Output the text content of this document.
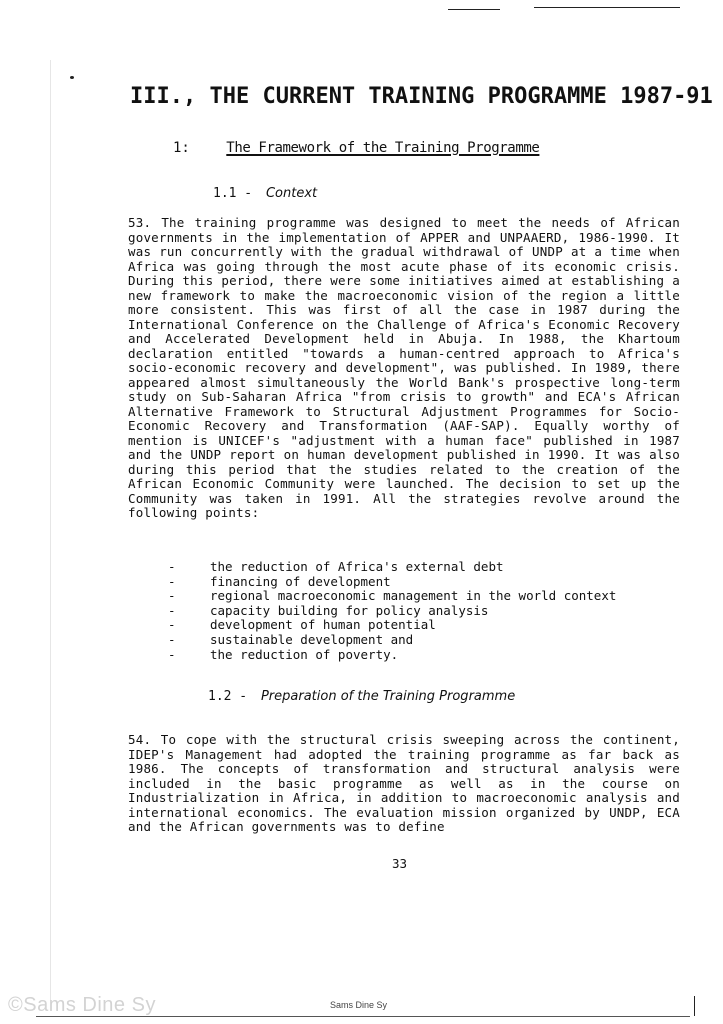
III., THE CURRENT TRAINING PROGRAMME 1987-91
1:	The Framework of the Training Programme
1.1 - Context

53. The training programme was designed to meet the needs of African governments in the implementation of APPER and UNPAAERD, 1986-1990. It was run concurrently with the gradual withdrawal of UNDP at a time when Africa was going through the most acute phase of its economic crisis. During this period, there were some initiatives aimed at establishing a new framework to make the macroeconomic vision of the region a little more consistent. This was first of all the case in 1987 during the International Conference on the Challenge of Africa's Economic Recovery and Accelerated Development held in Abuja. In 1988, the Khartoum declaration entitled "towards a human-centred approach to Africa's socio-economic recovery and development", was published. In 1989, there appeared almost simultaneously the World Bank's prospective long-term study on Sub-Saharan Africa "from crisis to growth" and ECA's African Alternative Framework to Structural Adjustment Programmes for Socio-Economic Recovery and Transformation (AAF-SAP). Equally worthy of mention is UNICEF's "adjustment with a human face" published in 1987 and the UNDP report on human development published in 1990. It was also during this period that the studies related to the creation of the African Economic Community were launched. The decision to set up the Community was taken in 1991. All the strategies revolve around the following points:

-	the reduction of Africa's external debt
-	financing of development
-	regional macroeconomic management in the world context
-	capacity building for policy analysis
-	development of human potential
-	sustainable development and
-	the reduction of poverty.
1.2 - Preparation of the Training Programme

54. To cope with the structural crisis sweeping across the continent, IDEP's Management had adopted the training programme as far back as 1986. The concepts of transformation and structural analysis were included in the basic programme as well as in the course on Industrialization in Africa, in addition to macroeconomic analysis and international economics. The evaluation mission organized by UNDP, ECA and the African governments was to define

33
©Sams Dine Sy	Sams Dine Sy
